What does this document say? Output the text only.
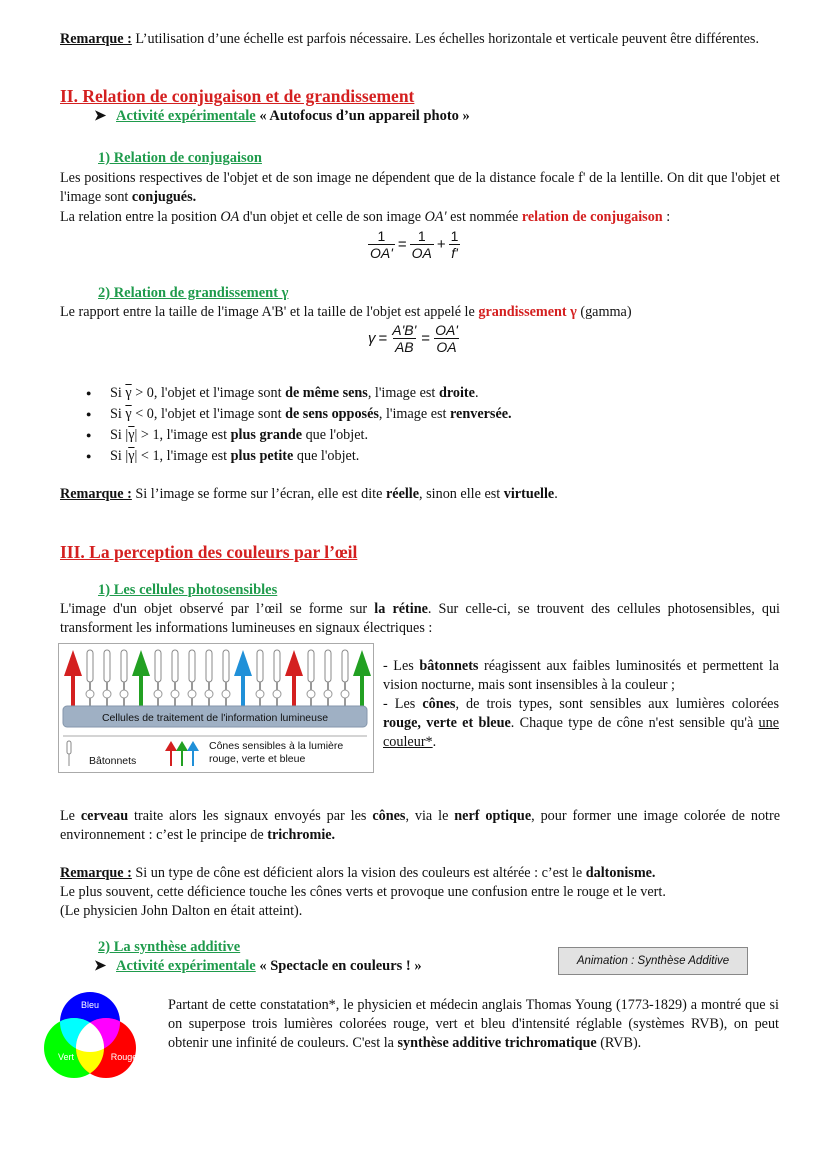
Remarque : L’utilisation d’une échelle est parfois nécessaire. Les échelles horizontale et verticale peuvent être différentes.
II. Relation de conjugaison et de grandissement
➤ Activité expérimentale « Autofocus d’un appareil photo »
1) Relation de conjugaison
Les positions respectives de l'objet et de son image ne dépendent que de la distance focale f' de la lentille. On dit que l'objet et l'image sont conjugués.
La relation entre la position OA d'un objet et celle de son image OA' est nommée relation de conjugaison :
$\frac{1}{OA'} = \frac{1}{OA} + \frac{1}{f'}$
2) Relation de grandissement γ
Le rapport entre la taille de l'image A'B' et la taille de l'objet est appelé le grandissement γ (gamma)
$\gamma = \frac{A'B'}{AB} = \frac{OA'}{OA}$
● Si $\overline{\gamma} > 0$, l'objet et l'image sont de même sens, l'image est droite.
● Si $\overline{\gamma} < 0$, l'objet et l'image sont de sens opposés, l'image est renversée.
● Si $|\overline{\gamma}| > 1$, l'image est plus grande que l'objet.
● Si $|\overline{\gamma}| < 1$, l'image est plus petite que l'objet.
Remarque : Si l’image se forme sur l’écran, elle est dite réelle, sinon elle est virtuelle.
III. La perception des couleurs par l’œil
1) Les cellules photosensibles
L'image d'un objet observé par l’œil se forme sur la rétine. Sur celle-ci, se trouvent des cellules photosensibles, qui transforment les informations lumineuses en signaux électriques :
Cellules de traitement de l'information lumineuse
Bâtonnets
Cônes sensibles à la lumière
rouge, verte et bleue
- Les bâtonnets réagissent aux faibles luminosités et permettent la vision nocturne, mais sont insensibles à la couleur ;
- Les cônes, de trois types, sont sensibles aux lumières colorées rouge, verte et bleue. Chaque type de cône n'est sensible qu'à une couleur*.
Le cerveau traite alors les signaux envoyés par les cônes, via le nerf optique, pour former une image colorée de notre environnement : c’est le principe de trichromie.
Remarque : Si un type de cône est déficient alors la vision des couleurs est altérée : c’est le daltonisme.
Le plus souvent, cette déficience touche les cônes verts et provoque une confusion entre le rouge et le vert.
(Le physicien John Dalton en était atteint).
2) La synthèse additive
➤ Activité expérimentale « Spectacle en couleurs ! »	Animation : Synthèse Additive
Bleu
Vert	Rouge
Partant de cette constatation*, le physicien et médecin anglais Thomas Young (1773-1829) a montré que si on superpose trois lumières colorées rouge, vert et bleu d'intensité réglable (systèmes RVB), on peut obtenir une infinité de couleurs. C'est la synthèse additive trichromatique (RVB).
